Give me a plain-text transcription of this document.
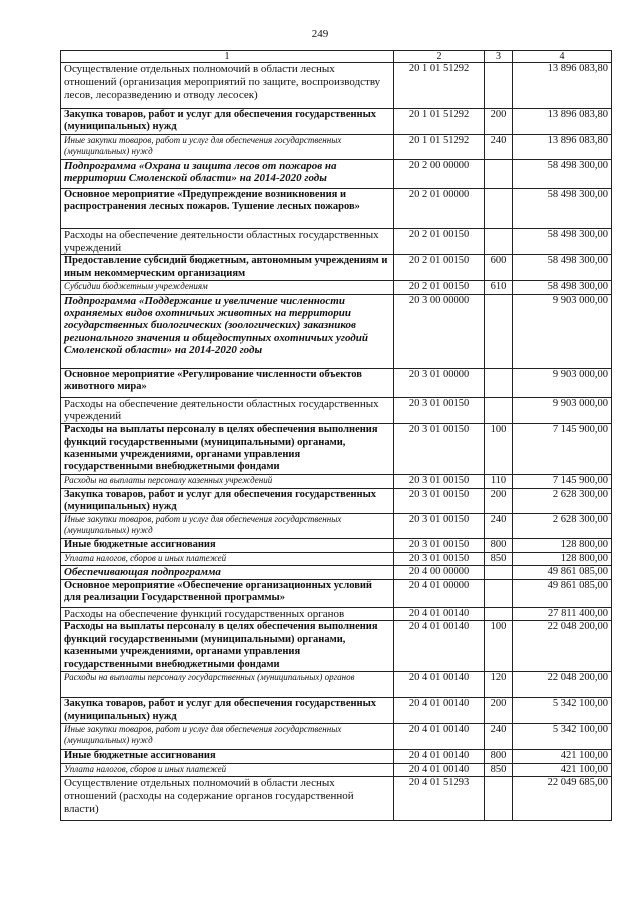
249
1	2	3	4
Осуществление отдельных полномочий в области лесных отношений (организация мероприятий по защите, воспроизводству лесов, лесоразведению и отводу лесосек)	20 1 01 51292		13 896 083,80
Закупка товаров, работ и услуг для обеспечения государственных (муниципальных) нужд	20 1 01 51292	200	13 896 083,80
Иные закупки товаров, работ и услуг для обеспечения государственных (муниципальных) нужд	20 1 01 51292	240	13 896 083,80
Подпрограмма «Охрана и защита лесов от пожаров на территории Смоленской области» на 2014-2020 годы	20 2 00 00000		58 498 300,00
Основное мероприятие «Предупреждение возникновения и распространения лесных пожаров. Тушение лесных пожаров»	20 2 01 00000		58 498 300,00
Расходы на обеспечение деятельности областных государственных учреждений	20 2 01 00150		58 498 300,00
Предоставление субсидий бюджетным, автономным учреждениям и иным некоммерческим организациям	20 2 01 00150	600	58 498 300,00
Субсидии бюджетным учреждениям	20 2 01 00150	610	58 498 300,00
Подпрограмма «Поддержание и увеличение численности охраняемых видов охотничьих животных на территории государственных биологических (зоологических) заказников регионального значения и общедоступных охотничьих угодий Смоленской области» на 2014-2020 годы	20 3 00 00000		9 903 000,00
Основное мероприятие «Регулирование численности объектов животного мира»	20 3 01 00000		9 903 000,00
Расходы на обеспечение деятельности областных государственных учреждений	20 3 01 00150		9 903 000,00
Расходы на выплаты персоналу в целях обеспечения выполнения функций государственными (муниципальными) органами, казенными учреждениями, органами управления государственными внебюджетными фондами	20 3 01 00150	100	7 145 900,00
Расходы на выплаты персоналу казенных учреждений	20 3 01 00150	110	7 145 900,00
Закупка товаров, работ и услуг для обеспечения государственных (муниципальных) нужд	20 3 01 00150	200	2 628 300,00
Иные закупки товаров, работ и услуг для обеспечения государственных (муниципальных) нужд	20 3 01 00150	240	2 628 300,00
Иные бюджетные ассигнования	20 3 01 00150	800	128 800,00
Уплата налогов, сборов и иных платежей	20 3 01 00150	850	128 800,00
Обеспечивающая подпрограмма	20 4 00 00000		49 861 085,00
Основное мероприятие «Обеспечение организационных условий для реализации Государственной программы»	20 4 01 00000		49 861 085,00
Расходы на обеспечение функций государственных органов	20 4 01 00140		27 811 400,00
Расходы на выплаты персоналу в целях обеспечения выполнения функций государственными (муниципальными) органами, казенными учреждениями, органами управления государственными внебюджетными фондами	20 4 01 00140	100	22 048 200,00
Расходы на выплаты персоналу государственных (муниципальных) органов	20 4 01 00140	120	22 048 200,00
Закупка товаров, работ и услуг для обеспечения государственных (муниципальных) нужд	20 4 01 00140	200	5 342 100,00
Иные закупки товаров, работ и услуг для обеспечения государственных (муниципальных) нужд	20 4 01 00140	240	5 342 100,00
Иные бюджетные ассигнования	20 4 01 00140	800	421 100,00
Уплата налогов, сборов и иных платежей	20 4 01 00140	850	421 100,00
Осуществление отдельных полномочий в области лесных отношений (расходы на содержание органов государственной власти)	20 4 01 51293		22 049 685,00
